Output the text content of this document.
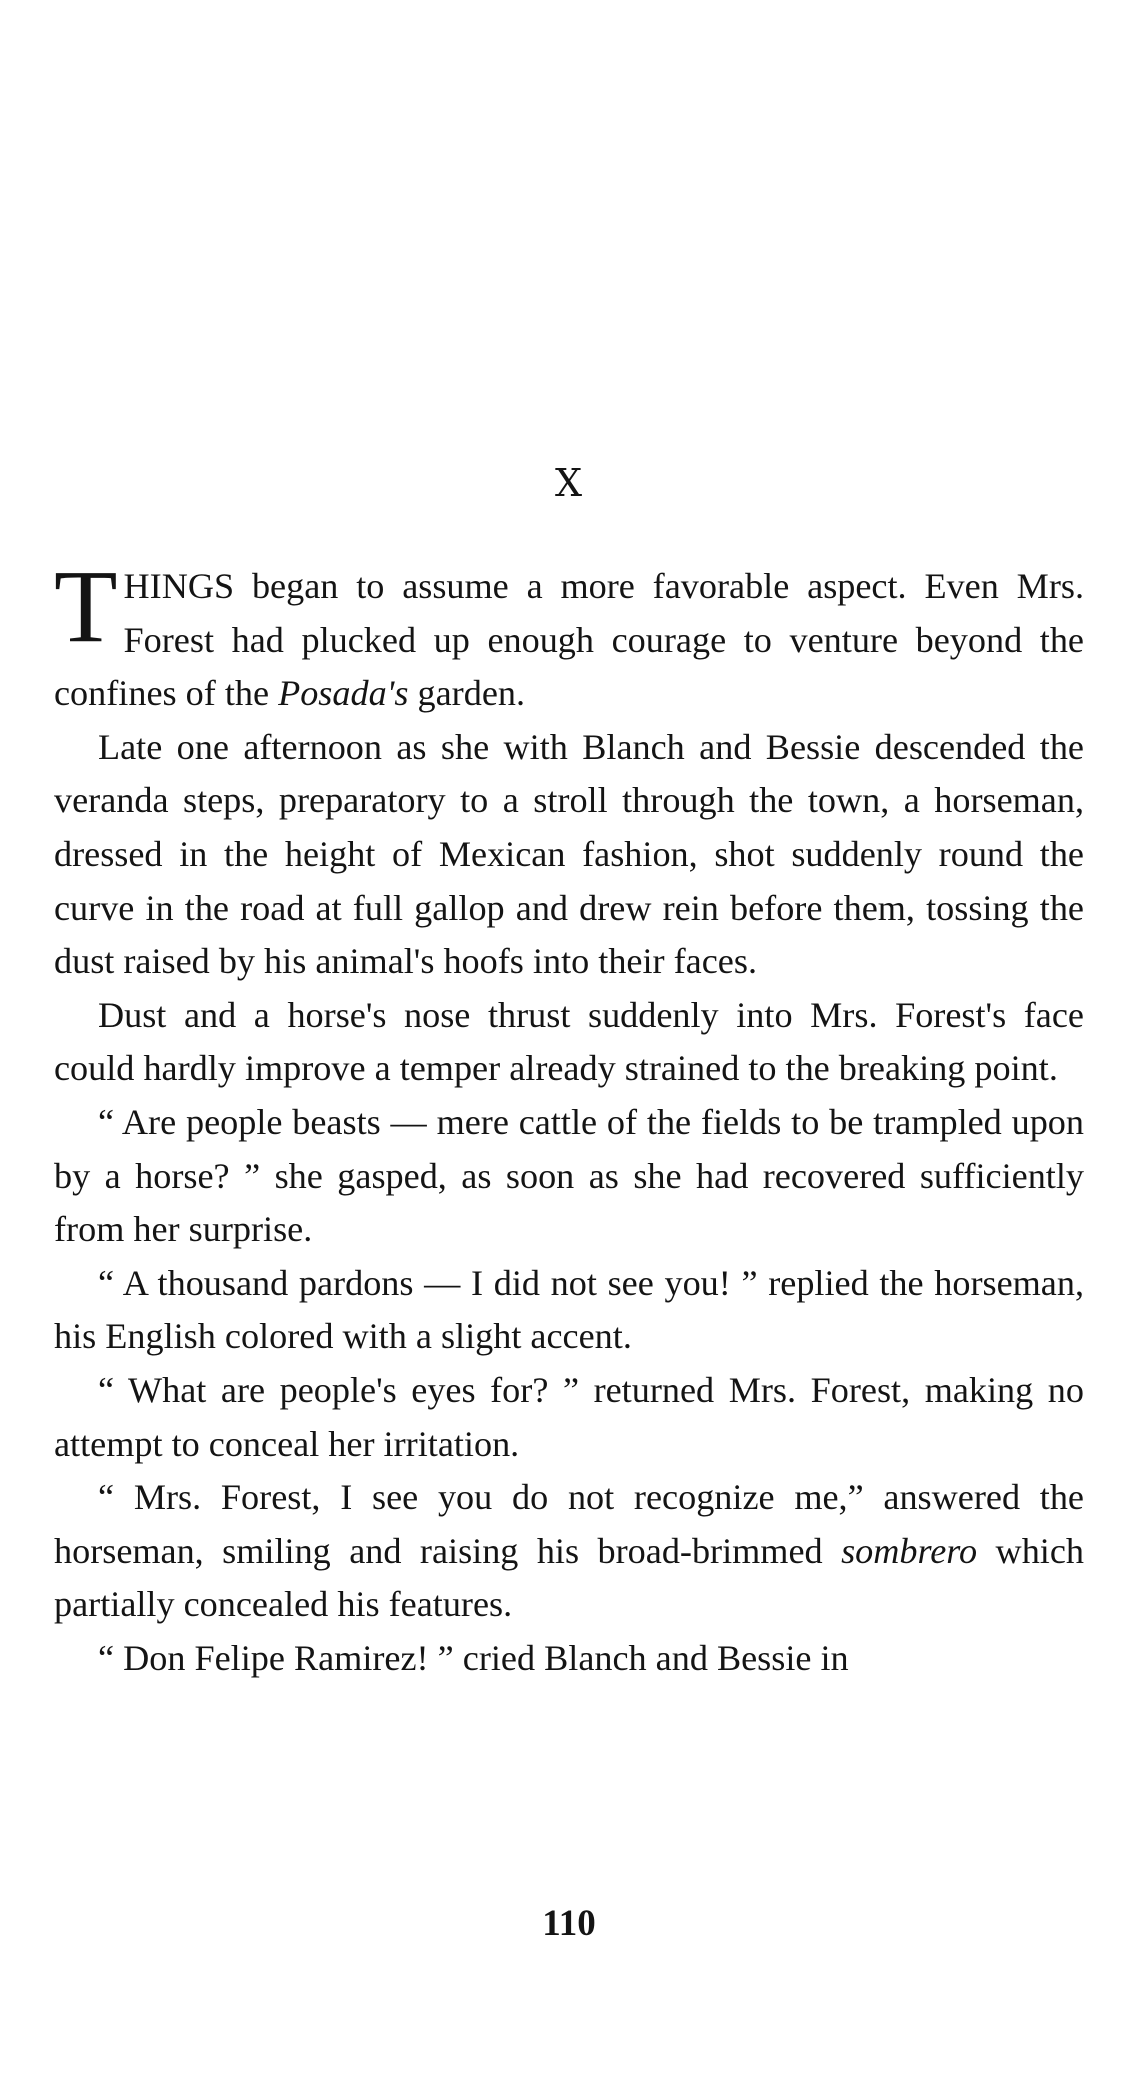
X

THINGS began to assume a more favorable aspect. Even Mrs. Forest had plucked up enough courage to venture beyond the confines of the Posada's garden.

Late one afternoon as she with Blanch and Bessie descended the veranda steps, preparatory to a stroll through the town, a horseman, dressed in the height of Mexican fashion, shot suddenly round the curve in the road at full gallop and drew rein before them, tossing the dust raised by his animal's hoofs into their faces.

Dust and a horse's nose thrust suddenly into Mrs. Forest's face could hardly improve a temper already strained to the breaking point.

“ Are people beasts — mere cattle of the fields to be trampled upon by a horse? ” she gasped, as soon as she had recovered sufficiently from her surprise.

“ A thousand pardons — I did not see you! ” replied the horseman, his English colored with a slight accent.

“ What are people's eyes for? ” returned Mrs. Forest, making no attempt to conceal her irritation.

“ Mrs. Forest, I see you do not recognize me,” answered the horseman, smiling and raising his broad-brimmed sombrero which partially concealed his features.

“ Don Felipe Ramirez! ” cried Blanch and Bessie in

110
